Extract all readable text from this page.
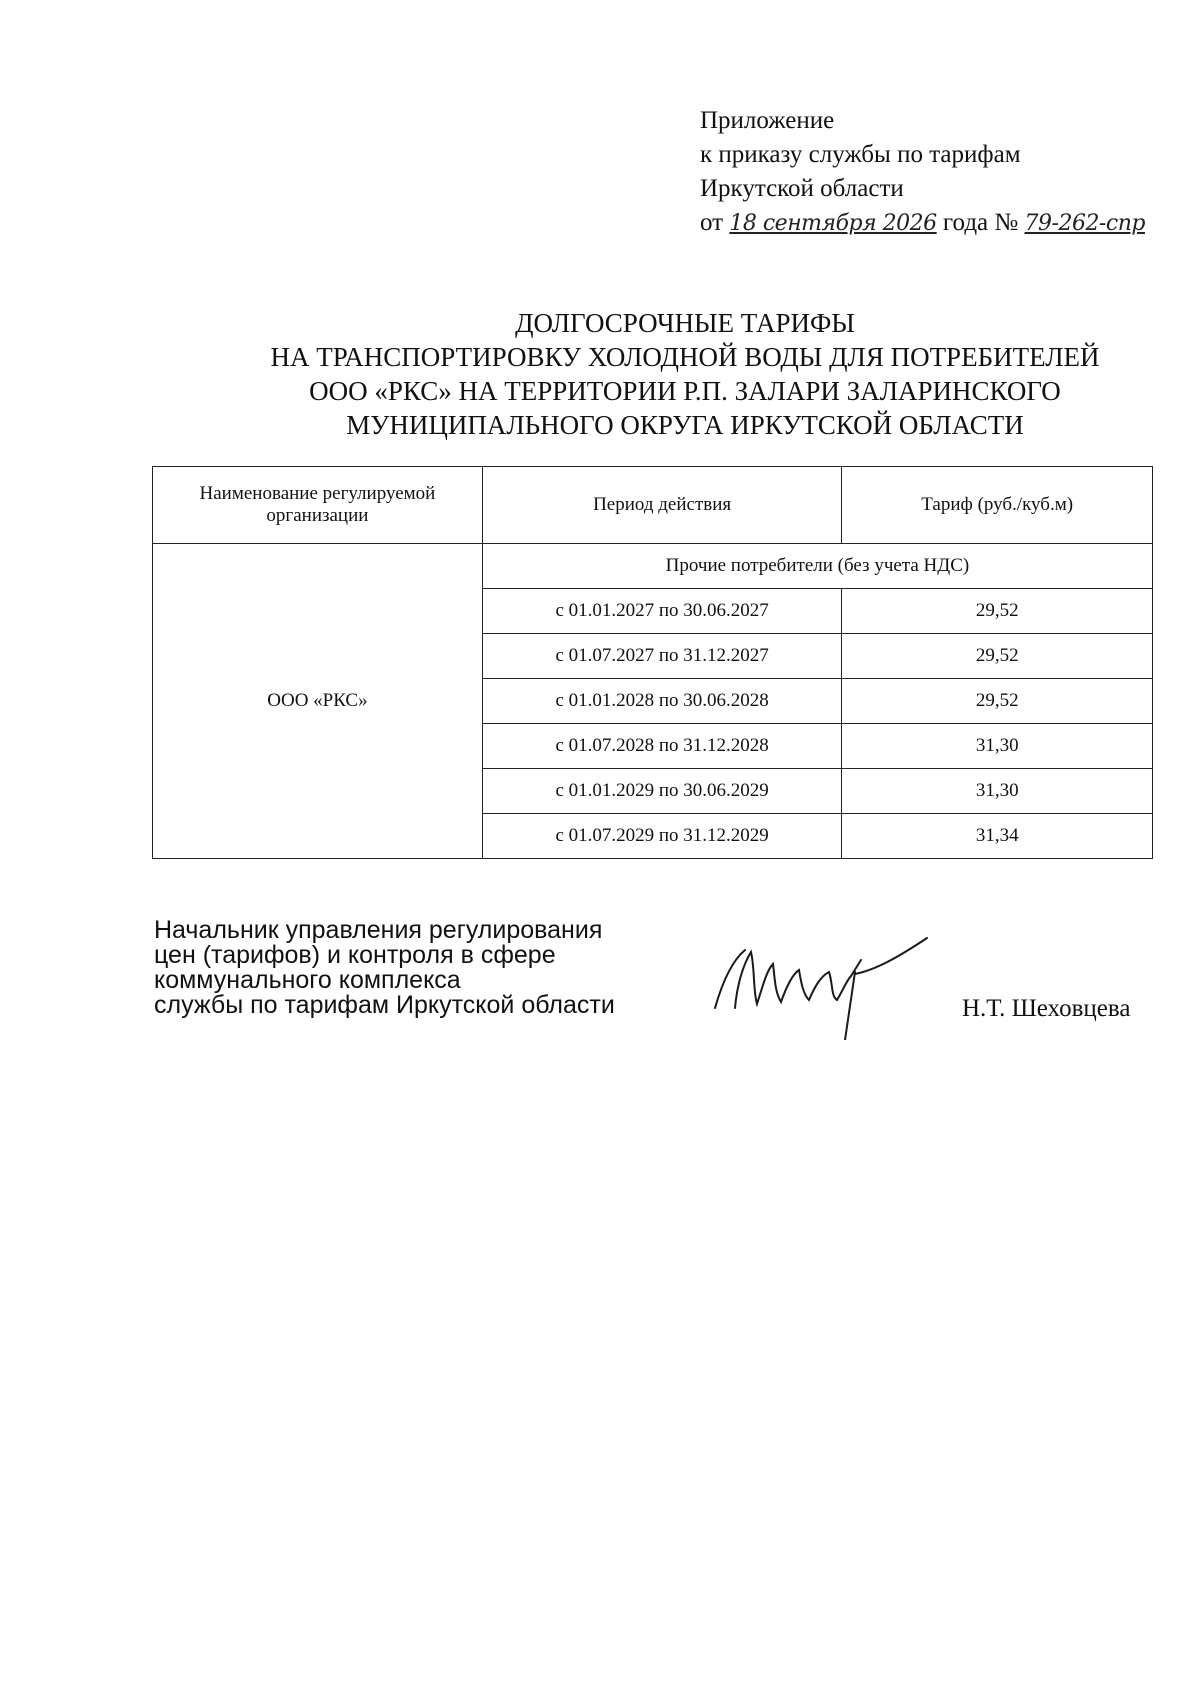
Приложение
к приказу службы по тарифам
Иркутской области
от 18 сентября 2026 года № 79-262-спр
ДОЛГОСРОЧНЫЕ ТАРИФЫ
НА ТРАНСПОРТИРОВКУ ХОЛОДНОЙ ВОДЫ ДЛЯ ПОТРЕБИТЕЛЕЙ
ООО «РКС» НА ТЕРРИТОРИИ Р.П. ЗАЛАРИ ЗАЛАРИНСКОГО
МУНИЦИПАЛЬНОГО ОКРУГА ИРКУТСКОЙ ОБЛАСТИ
Наименование регулируемой организации	Период действия	Тариф (руб./куб.м)
ООО «РКС»	Прочие потребители (без учета НДС)	
	с 01.01.2027 по 30.06.2027	29,52
	с 01.07.2027 по 31.12.2027	29,52
	с 01.01.2028 по 30.06.2028	29,52
	с 01.07.2028 по 31.12.2028	31,30
	с 01.01.2029 по 30.06.2029	31,30
	с 01.07.2029 по 31.12.2029	31,34
Начальник управления регулирования
цен (тарифов) и контроля в сфере
коммунального комплекса
службы по тарифам Иркутской области	Н.Т. Шеховцева
